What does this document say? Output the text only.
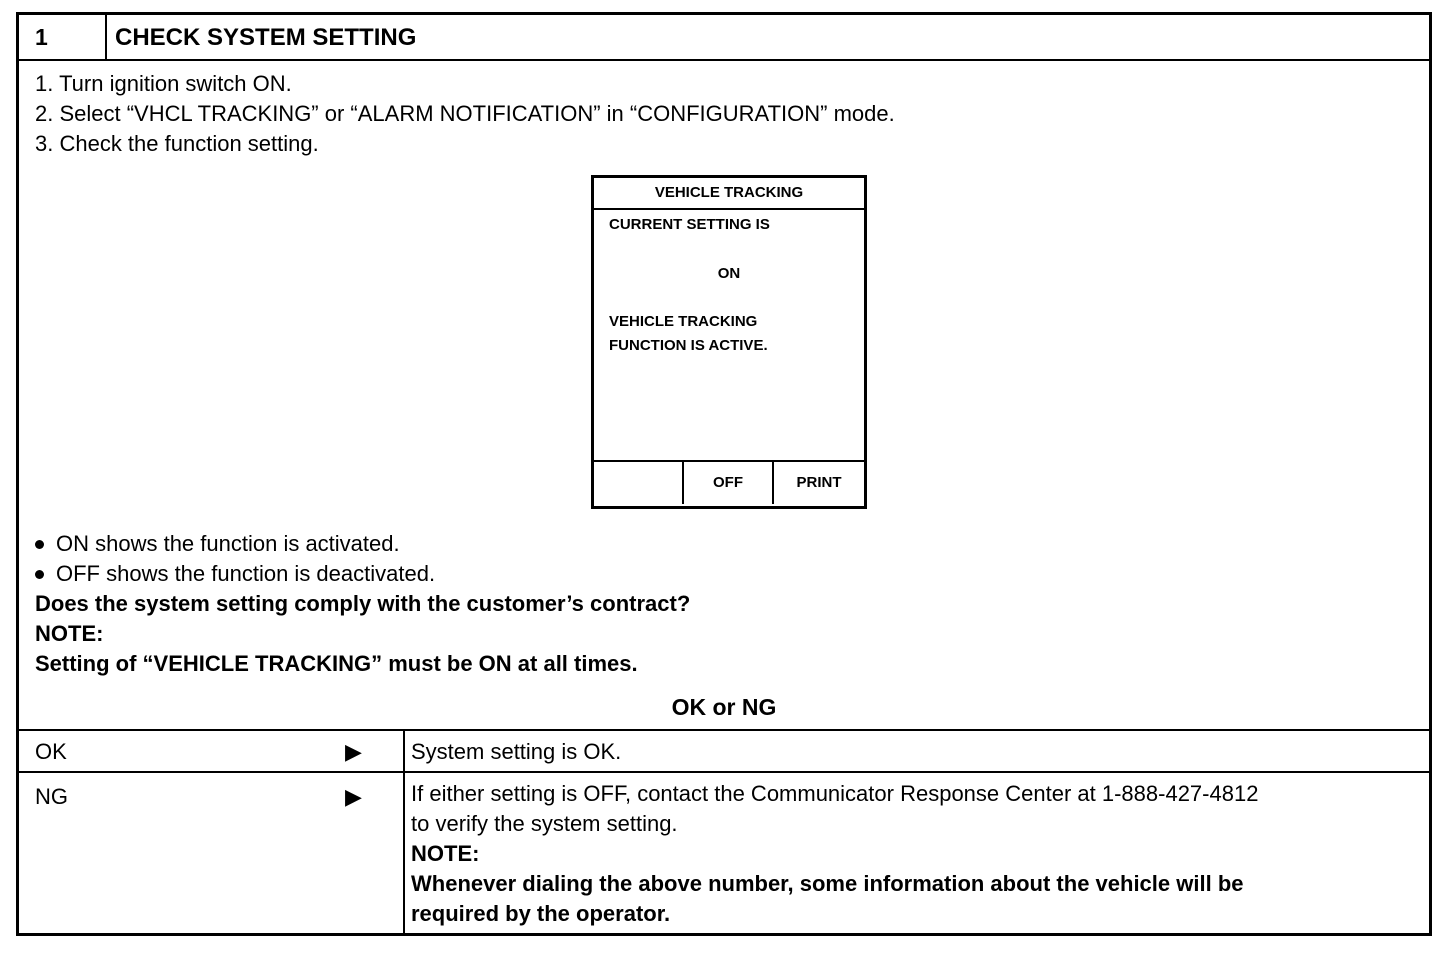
1	CHECK SYSTEM SETTING
1. Turn ignition switch ON.
2. Select “VHCL TRACKING” or “ALARM NOTIFICATION” in “CONFIGURATION” mode.
3. Check the function setting.
VEHICLE TRACKING
CURRENT SETTING IS
ON
VEHICLE TRACKING
FUNCTION IS ACTIVE.
OFF	PRINT
ON shows the function is activated.
OFF shows the function is deactivated.
Does the system setting comply with the customer’s contract?
NOTE:
Setting of “VEHICLE TRACKING” must be ON at all times.
OK or NG
OK	▶ System setting is OK.
NG	▶ If either setting is OFF, contact the Communicator Response Center at 1-888-427-4812
to verify the system setting.
NOTE:
Whenever dialing the above number, some information about the vehicle will be
required by the operator.
